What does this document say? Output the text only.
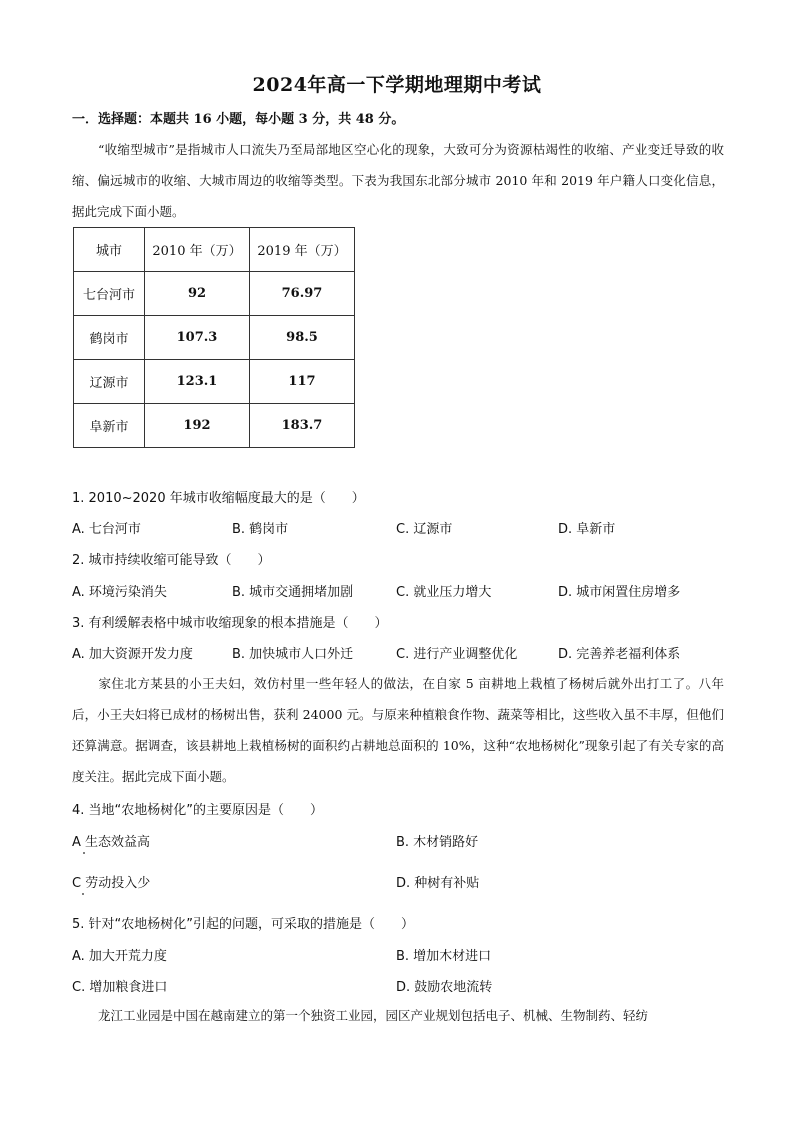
2024年高一下学期地理期中考试
一．选择题：本题共 16 小题，每小题 3 分，共 48 分。
“收缩型城市”是指城市人口流失乃至局部地区空心化的现象，大致可分为资源枯竭性的收缩、产业变迁导致的收缩、偏远城市的收缩、大城市周边的收缩等类型。下表为我国东北部分城市 2010 年和 2019 年户籍人口变化信息，据此完成下面小题。
城市	2010 年（万）	2019 年（万）
七台河市	92	76.97
鹤岗市	107.3	98.5
辽源市	123.1	117
阜新市	192	183.7
1. 2010~2020 年城市收缩幅度最大的是（　　）
A. 七台河市	B. 鹤岗市	C. 辽源市	D. 阜新市
2. 城市持续收缩可能导致（　　）
A. 环境污染消失	B. 城市交通拥堵加剧	C. 就业压力增大	D. 城市闲置住房增多
3. 有利缓解表格中城市收缩现象的根本措施是（　　）
A. 加大资源开发力度	B. 加快城市人口外迁	C. 进行产业调整优化	D. 完善养老福利体系
家住北方某县的小王夫妇，效仿村里一些年轻人的做法，在自家 5 亩耕地上栽植了杨树后就外出打工了。八年后，小王夫妇将已成材的杨树出售，获利 24000 元。与原来种植粮食作物、蔬菜等相比，这些收入虽不丰厚，但他们还算满意。据调查，该县耕地上栽植杨树的面积约占耕地总面积的 10%，这种“农地杨树化”现象引起了有关专家的高度关注。据此完成下面小题。
4. 当地“农地杨树化”的主要原因是（　　）
A 生态效益高	B. 木材销路好
C 劳动投入少	D. 种树有补贴
5. 针对“农地杨树化”引起的问题，可采取的措施是（　　）
A. 加大开荒力度	B. 增加木材进口
C. 增加粮食进口	D. 鼓励农地流转
龙江工业园是中国在越南建立的第一个独资工业园，园区产业规划包括电子、机械、生物制药、轻纺
